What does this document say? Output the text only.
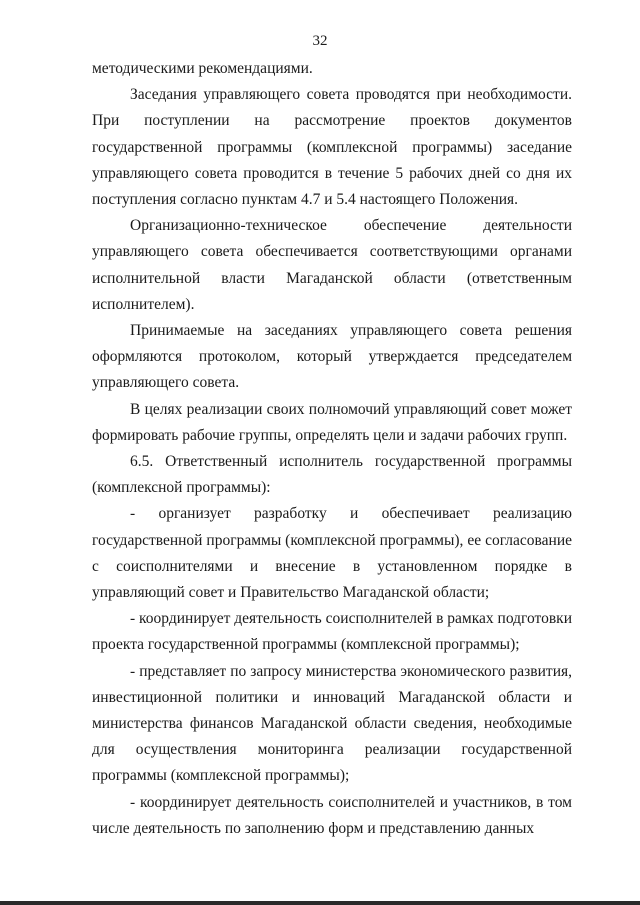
32

методическими рекомендациями.

Заседания управляющего совета проводятся при необходимости. При поступлении на рассмотрение проектов документов государственной программы (комплексной программы) заседание управляющего совета проводится в течение 5 рабочих дней со дня их поступления согласно пунктам 4.7 и 5.4 настоящего Положения.

Организационно-техническое обеспечение деятельности управляющего совета обеспечивается соответствующими органами исполнительной власти Магаданской области (ответственным исполнителем).

Принимаемые на заседаниях управляющего совета решения оформляются протоколом, который утверждается председателем управляющего совета.

В целях реализации своих полномочий управляющий совет может формировать рабочие группы, определять цели и задачи рабочих групп.

6.5. Ответственный исполнитель государственной программы (комплексной программы):

- организует разработку и обеспечивает реализацию государственной программы (комплексной программы), ее согласование с соисполнителями и внесение в установленном порядке в управляющий совет и Правительство Магаданской области;

- координирует деятельность соисполнителей в рамках подготовки проекта государственной программы (комплексной программы);

- представляет по запросу министерства экономического развития, инвестиционной политики и инноваций Магаданской области и министерства финансов Магаданской области сведения, необходимые для осуществления мониторинга реализации государственной программы (комплексной программы);

- координирует деятельность соисполнителей и участников, в том числе деятельность по заполнению форм и представлению данных
